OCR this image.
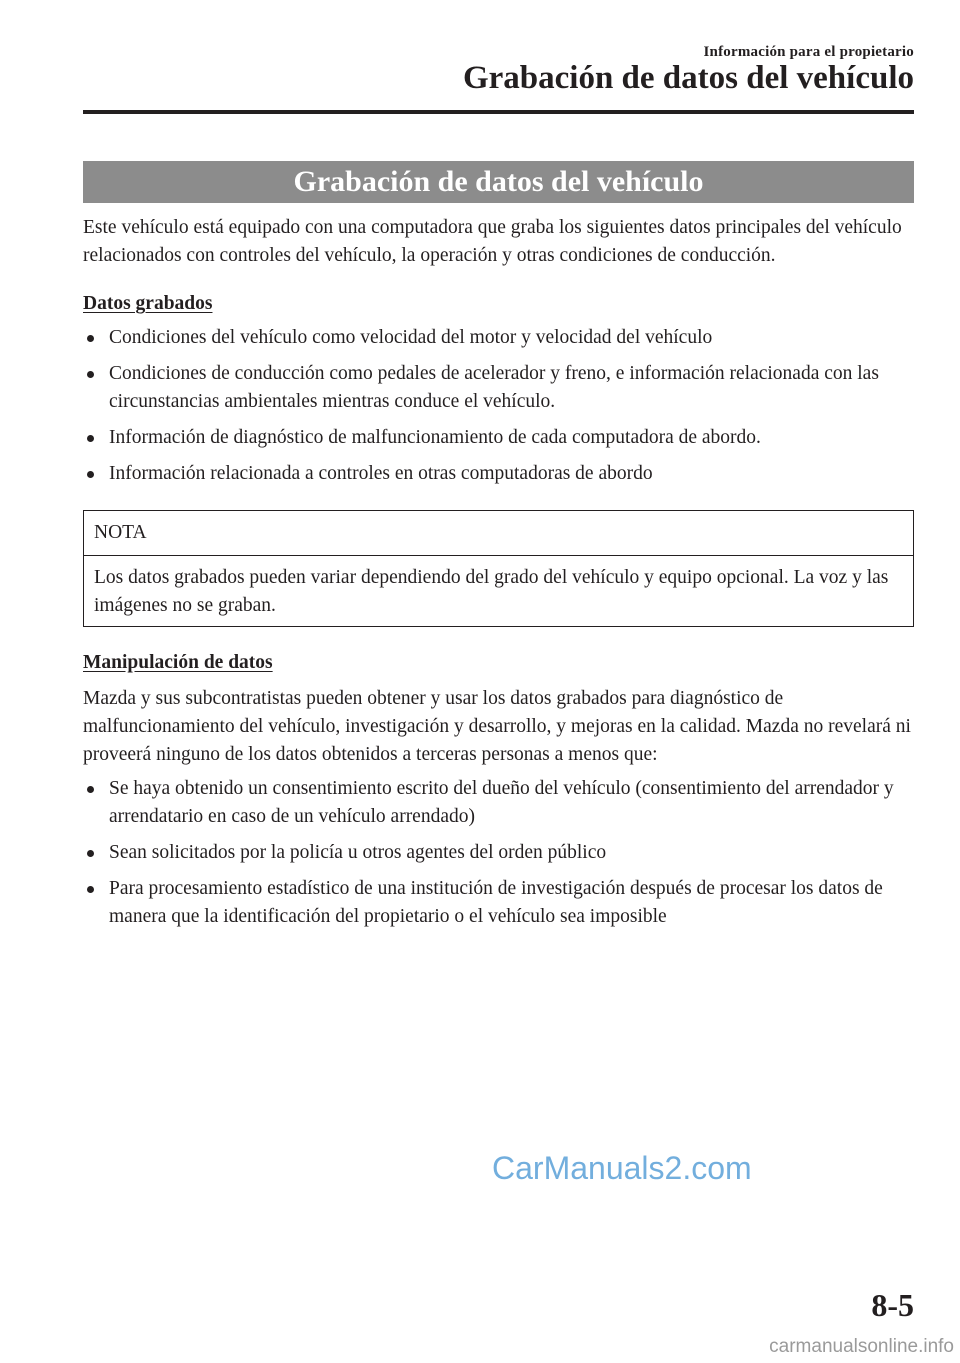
Información para el propietario
Grabación de datos del vehículo
Grabación de datos del vehículo

Este vehículo está equipado con una computadora que graba los siguientes datos principales del vehículo relacionados con controles del vehículo, la operación y otras condiciones de conducción.

Datos grabados

Condiciones del vehículo como velocidad del motor y velocidad del vehículo
Condiciones de conducción como pedales de acelerador y freno, e información relacionada con las circunstancias ambientales mientras conduce el vehículo.
Información de diagnóstico de malfuncionamiento de cada computadora de abordo.
Información relacionada a controles en otras computadoras de abordo
NOTA

Los datos grabados pueden variar dependiendo del grado del vehículo y equipo opcional. La voz y las imágenes no se graban.

Manipulación de datos

Mazda y sus subcontratistas pueden obtener y usar los datos grabados para diagnóstico de malfuncionamiento del vehículo, investigación y desarrollo, y mejoras en la calidad. Mazda no revelará ni proveerá ninguno de los datos obtenidos a terceras personas a menos que:

Se haya obtenido un consentimiento escrito del dueño del vehículo (consentimiento del arrendador y arrendatario en caso de un vehículo arrendado)
Sean solicitados por la policía u otros agentes del orden público
Para procesamiento estadístico de una institución de investigación después de procesar los datos de manera que la identificación del propietario o el vehículo sea imposible
CarManuals2.com
8-5
carmanualsonline.info
